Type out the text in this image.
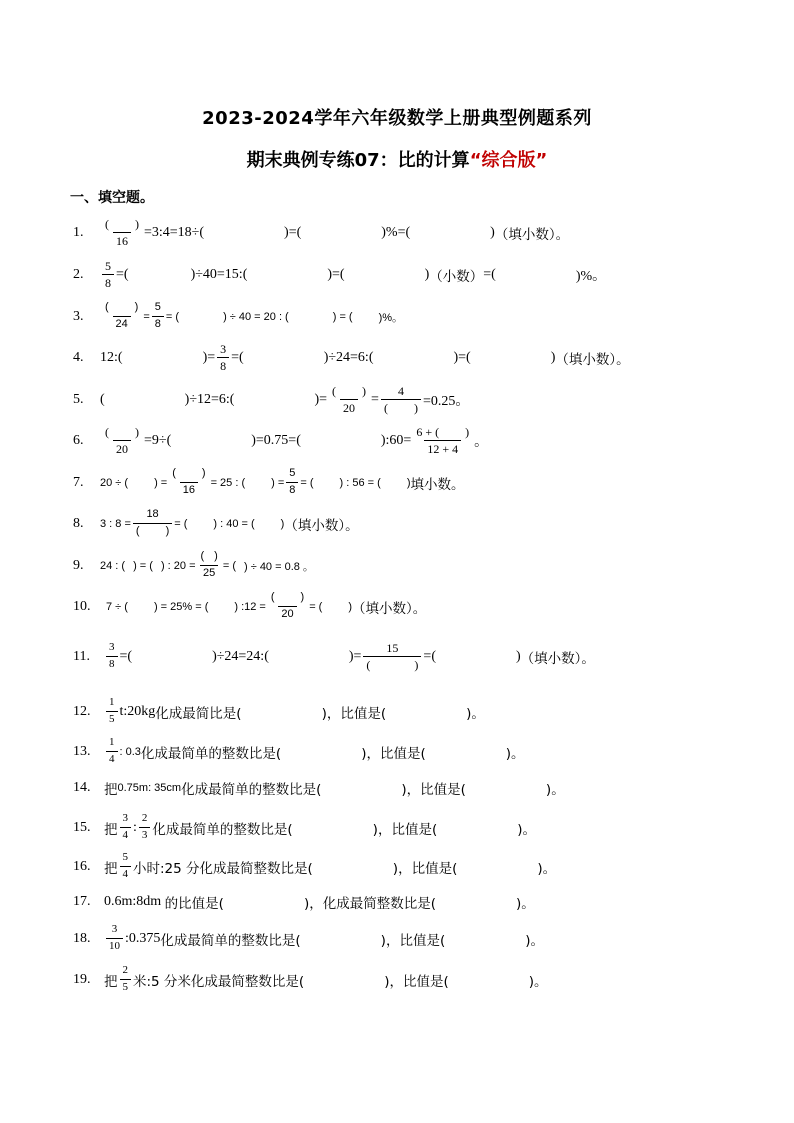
2023-2024学年六年级数学上册典型例题系列
期末典例专练07：比的计算“综合版”
一、填空题。
1.	$\frac{( )}{16}$ =3:4=18÷(	)=(	)%=(	) （填小数）。
2.	$\frac{5}{8}$ =(	)÷40=15:(	)=(	) （小数） =(	)%。
3.	$\frac{( )}{24} = \frac{5}{8}$ = (	) ÷ 40 = 20 : (	) = ( )%。
4.	12:(	)= $\frac{3}{8}$ =(	)÷24=6:(	)=(	) （填小数）。
5.	(	)÷12=6:(	)= $\frac{( )}{20} = \frac{4}{( )} =0.25$。
6.	$\frac{( )}{20} =9\div$(	)=0.75=(	):60= $\frac{6 + ( )}{12 + 4}$ 。
7.	20 ÷ ( ) = $\frac{( )}{16} = 25$ : ( ) = $\frac{5}{8}$ = ( ) : 56 = ( ) 填小数。
8.	3 : $8 = \frac{18}{( )}$ = ( ) : 40 = ( ) （填小数）。
9.	24 : ( ) = ( ) : $20 = \frac{( )}{25}$ = ( ) ÷ 40 = 0.8 。
10.	7 ÷ ( ) = 25% = ( ) :12 = $\frac{( )}{20}$ = ( ) （填小数）。
11.	$\frac{3}{8}$ =(	)÷24=24:(	)= 15
(	) =(	) （填小数）。
12.	$\frac{1}{5}$ t:20kg 化成最简比是(	)，比值是(	)。
13.	$\frac{1}{4}$ : 0.3 化成最简单的整数比是(	)，比值是(	)。
14.	把 0.75m: 35cm 化成最简单的整数比是(	)，比值是(	)。
15.	把 $\frac{3}{4}$ : $\frac{2}{3}$ 化成最简单的整数比是(	)，比值是(	)。
16.	把 $\frac{5}{4}$ 小时:25 分化成最简整数比是(	)，比值是(	)。
17. 0.6m:8dm
的比值是(	)，化成最简整数比是(	)。
18.	$\frac{3}{10}$ :0.375 化成最简单的整数比是(	)，比值是(	)。
19.	把 $\frac{2}{5}$ 米:5 分米化成最简整数比是(	)，比值是(	)。
